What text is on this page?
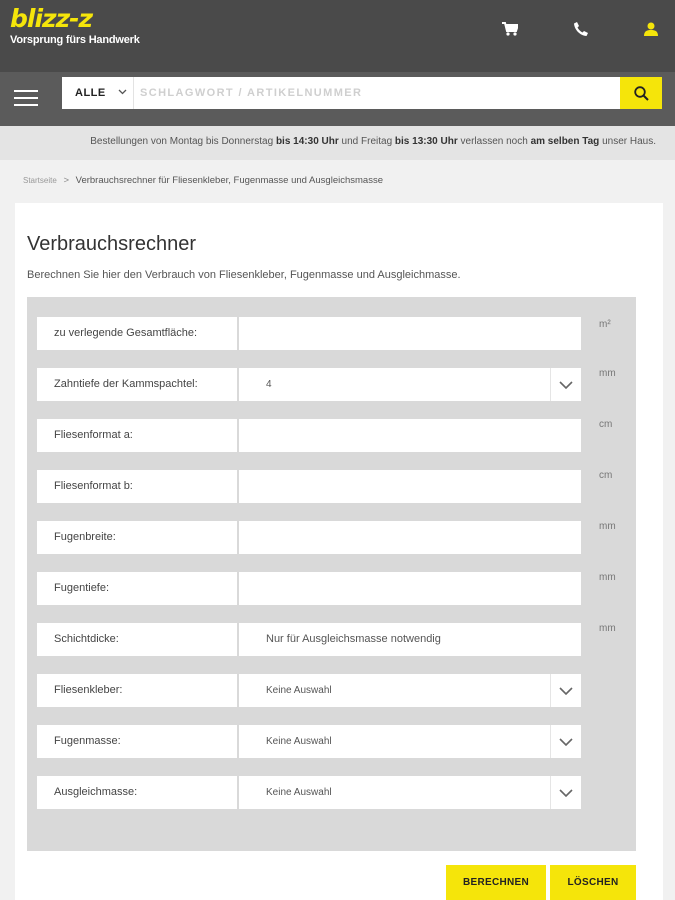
blizz-z
Vorsprung fürs Handwerk
ALLE
SCHLAGWORT / ARTIKELNUMMER
Bestellungen von Montag bis Donnerstag bis 14:30 Uhr und Freitag bis 13:30 Uhr verlassen noch am selben Tag unser Haus.
Startseite > Verbrauchsrechner für Fliesenkleber, Fugenmasse und Ausgleichsmasse
Verbrauchsrechner

Berechnen Sie hier den Verbrauch von Fliesenkleber, Fugenmasse und Ausgleichmasse.

zu verlegende Gesamtfläche:
m²
Zahntiefe der Kammspachtel:	4
mm
Fliesenformat a:
cm
Fliesenformat b:
cm
Fugenbreite:
mm
Fugentiefe:
mm
Schichtdicke:	Nur für Ausgleichsmasse notwendig
mm
Fliesenkleber:	Keine Auswahl
Fugenmasse:	Keine Auswahl
Ausgleichmasse:	Keine Auswahl
BERECHNEN	LÖSCHEN
